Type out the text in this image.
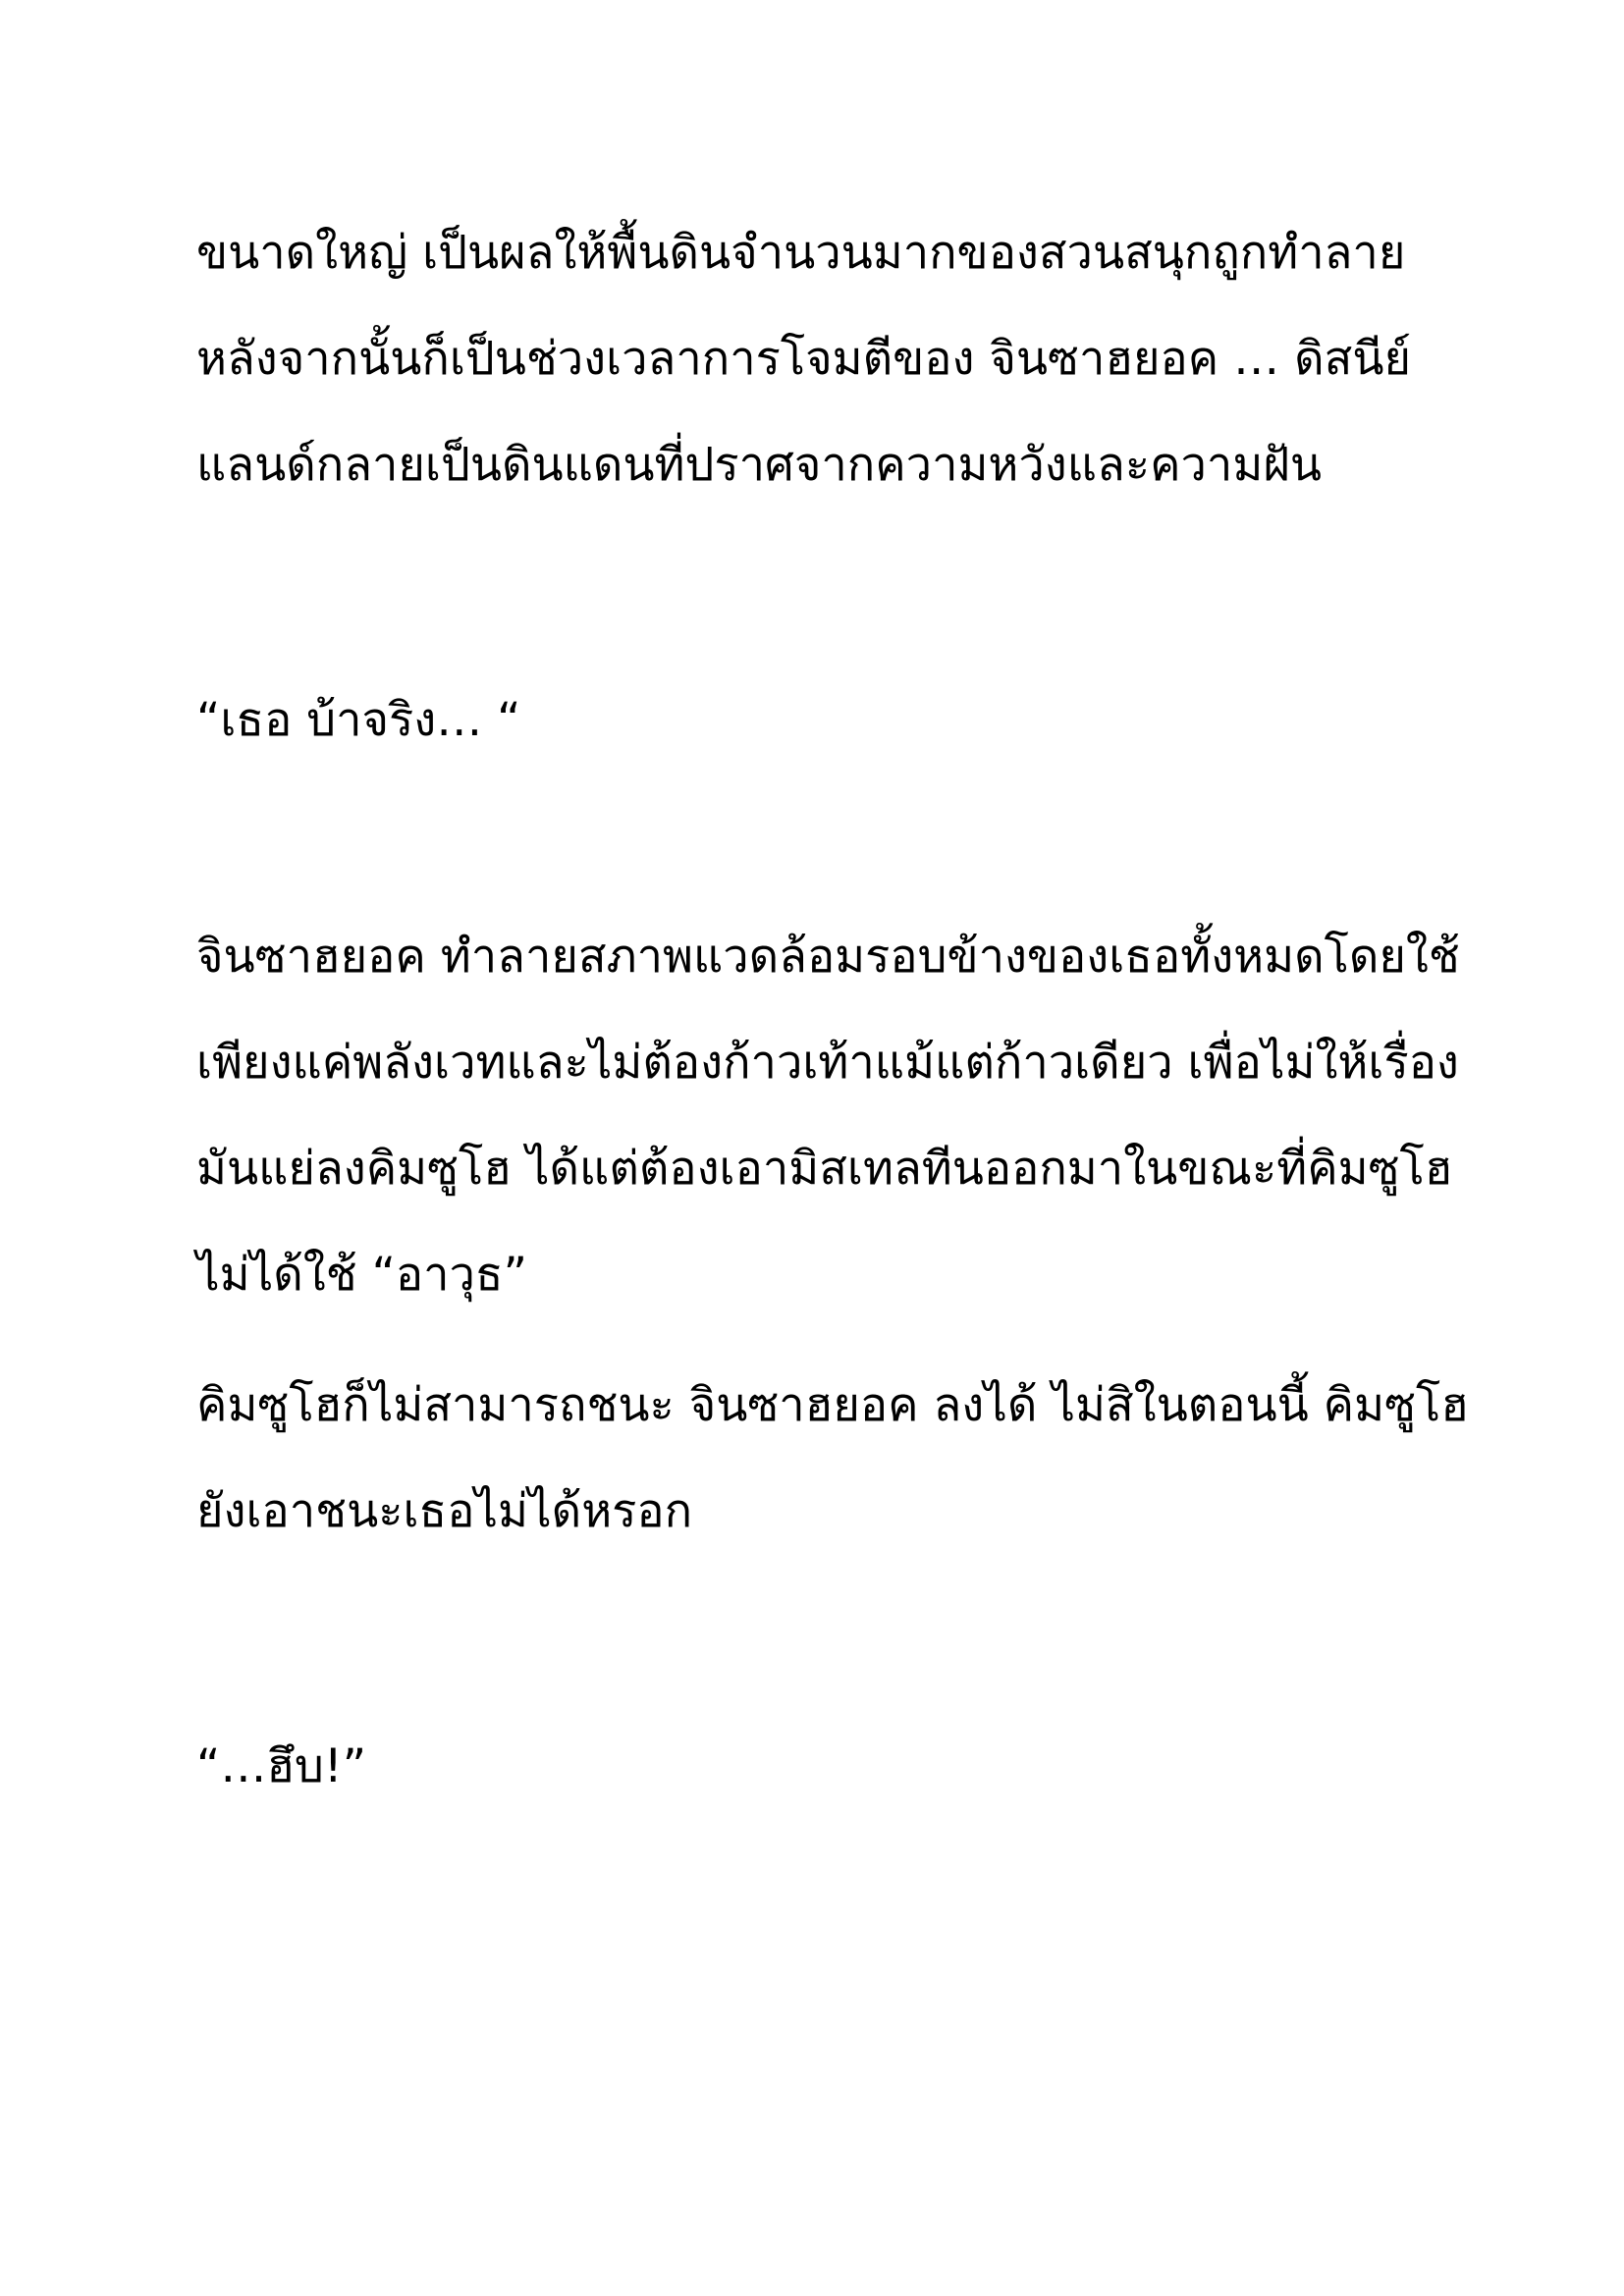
ขนาดใหญ่ เป็นผลให้พื้นดินจำนวนมากของสวนสนุกถูกทำลาย

หลังจากนั้นก็เป็นช่วงเวลาการโจมตีของ จินซาฮยอค … ดิสนีย์

แลนด์กลายเป็นดินแดนที่ปราศจากความหวังและความฝัน

“เธอ บ้าจริง… “

จินซาฮยอค ทำลายสภาพแวดล้อมรอบข้างของเธอทั้งหมดโดยใช้

เพียงแค่พลังเวทและไม่ต้องก้าวเท้าแม้แต่ก้าวเดียว เพื่อไม่ให้เรื่อง

มันแย่ลงคิมซูโฮ ได้แต่ต้องเอามิสเทลทีนออกมาในขณะที่คิมซูโฮ

ไม่ได้ใช้ “อาวุธ”

คิมซูโฮก็ไม่สามารถชนะ จินซาฮยอค ลงได้ ไม่สิในตอนนี้ คิมซูโฮ

ยังเอาชนะเธอไม่ได้หรอก

“…ฮึบ!”
